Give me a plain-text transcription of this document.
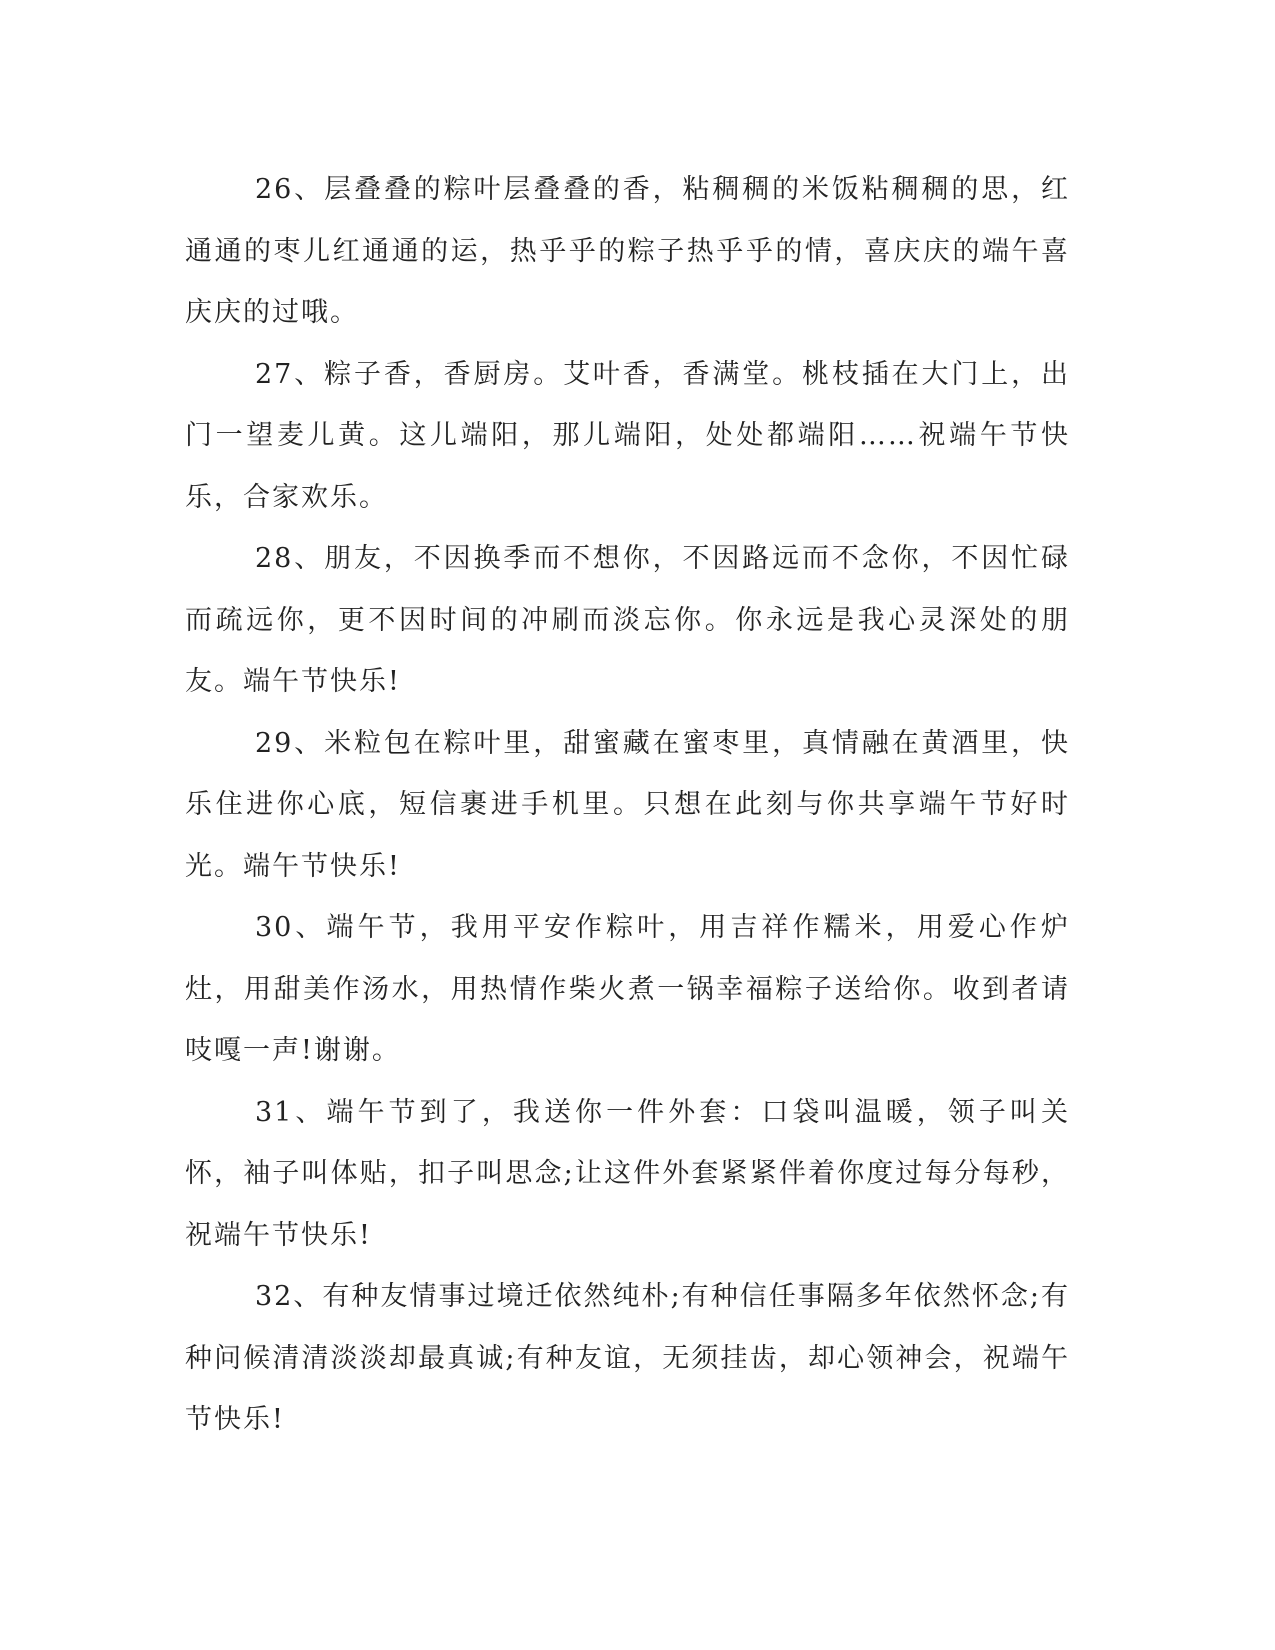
26、层叠叠的粽叶层叠叠的香，粘稠稠的米饭粘稠稠的思，红通通的枣儿红通通的运，热乎乎的粽子热乎乎的情，喜庆庆的端午喜庆庆的过哦。

27、粽子香，香厨房。艾叶香，香满堂。桃枝插在大门上，出门一望麦儿黄。这儿端阳，那儿端阳，处处都端阳……祝端午节快乐，合家欢乐。

28、朋友，不因换季而不想你，不因路远而不念你，不因忙碌而疏远你，更不因时间的冲刷而淡忘你。你永远是我心灵深处的朋友。端午节快乐!

29、米粒包在粽叶里，甜蜜藏在蜜枣里，真情融在黄酒里，快乐住进你心底，短信裹进手机里。只想在此刻与你共享端午节好时光。端午节快乐!

30、端午节，我用平安作粽叶，用吉祥作糯米，用爱心作炉灶，用甜美作汤水，用热情作柴火煮一锅幸福粽子送给你。收到者请吱嘎一声!谢谢。

31、端午节到了，我送你一件外套：口袋叫温暖，领子叫关怀，袖子叫体贴，扣子叫思念;让这件外套紧紧伴着你度过每分每秒，祝端午节快乐!

32、有种友情事过境迁依然纯朴;有种信任事隔多年依然怀念;有种问候清清淡淡却最真诚;有种友谊，无须挂齿，却心领神会，祝端午节快乐!
